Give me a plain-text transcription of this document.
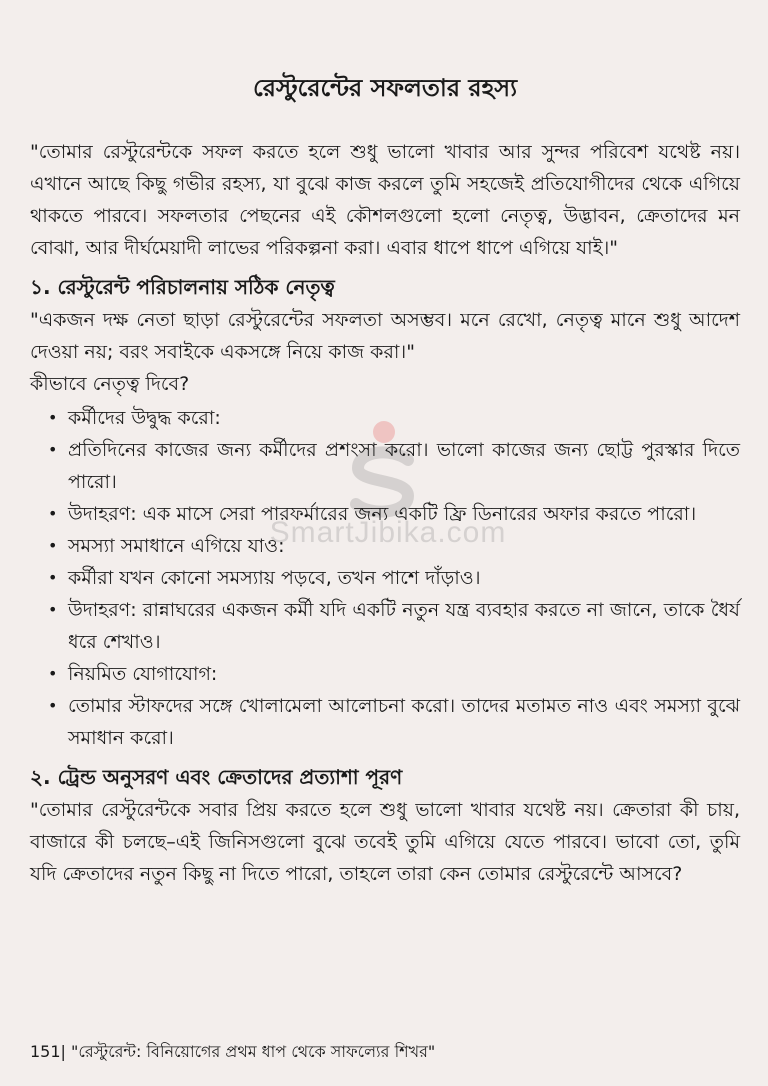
SmartJibika.com
রেস্টুরেন্টের সফলতার রহস্য

"তোমার রেস্টুরেন্টকে সফল করতে হলে শুধু ভালো খাবার আর সুন্দর পরিবেশ যথেষ্ট নয়। এখানে আছে কিছু গভীর রহস্য, যা বুঝে কাজ করলে তুমি সহজেই প্রতিযোগীদের থেকে এগিয়ে থাকতে পারবে। সফলতার পেছনের এই কৌশলগুলো হলো নেতৃত্ব, উদ্ভাবন, ক্রেতাদের মন বোঝা, আর দীর্ঘমেয়াদী লাভের পরিকল্পনা করা। এবার ধাপে ধাপে এগিয়ে যাই।"

১. রেস্টুরেন্ট পরিচালনায় সঠিক নেতৃত্ব

"একজন দক্ষ নেতা ছাড়া রেস্টুরেন্টের সফলতা অসম্ভব। মনে রেখো, নেতৃত্ব মানে শুধু আদেশ দেওয়া নয়; বরং সবাইকে একসঙ্গে নিয়ে কাজ করা।"

কীভাবে নেতৃত্ব দিবে?

• কর্মীদের উদ্বুদ্ধ করো:
• প্রতিদিনের কাজের জন্য কর্মীদের প্রশংসা করো। ভালো কাজের জন্য ছোট্ট পুরস্কার দিতে পারো।
• উদাহরণ: এক মাসে সেরা পারফর্মারের জন্য একটি ফ্রি ডিনারের অফার করতে পারো।
• সমস্যা সমাধানে এগিয়ে যাও:
• কর্মীরা যখন কোনো সমস্যায় পড়বে, তখন পাশে দাঁড়াও।
• উদাহরণ: রান্নাঘরের একজন কর্মী যদি একটি নতুন যন্ত্র ব্যবহার করতে না জানে, তাকে ধৈর্য ধরে শেখাও।
• নিয়মিত যোগাযোগ:
• তোমার স্টাফদের সঙ্গে খোলামেলা আলোচনা করো। তাদের মতামত নাও এবং সমস্যা বুঝে সমাধান করো।
২. ট্রেন্ড অনুসরণ এবং ক্রেতাদের প্রত্যাশা পূরণ

"তোমার রেস্টুরেন্টকে সবার প্রিয় করতে হলে শুধু ভালো খাবার যথেষ্ট নয়। ক্রেতারা কী চায়, বাজারে কী চলছে–এই জিনিসগুলো বুঝে তবেই তুমি এগিয়ে যেতে পারবে। ভাবো তো, তুমি যদি ক্রেতাদের নতুন কিছু না দিতে পারো, তাহলে তারা কেন তোমার রেস্টুরেন্টে আসবে?

151| "রেস্টুরেন্ট: বিনিয়োগের প্রথম ধাপ থেকে সাফল্যের শিখর"
